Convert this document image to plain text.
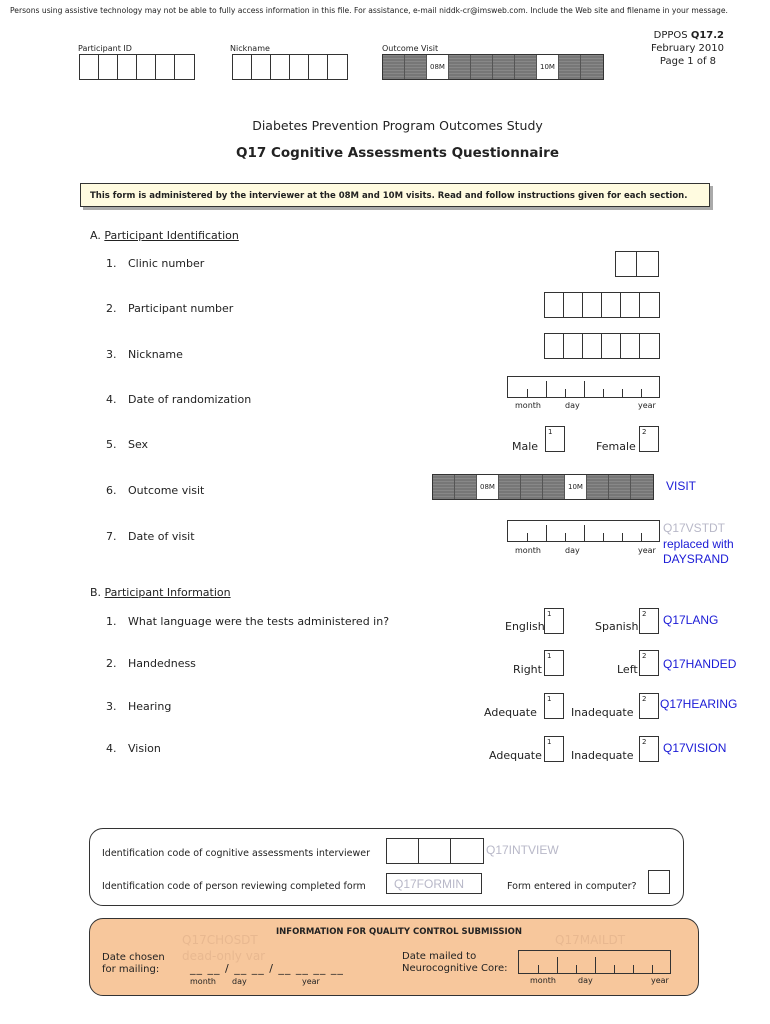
Persons using assistive technology may not be able to fully access information in this file. For assistance, e-mail niddk-cr@imsweb.com. Include the Web site and filename in your message.
DPPOS Q17.2
February 2010
Page 1 of 8
Participant ID	Nickname	Outcome Visit
08M	10M
Diabetes Prevention Program Outcomes Study
Q17 Cognitive Assessments Questionnaire
This form is administered by the interviewer at the 08M and 10M visits. Read and follow instructions given for each section.
A. Participant Identification
1. Clinic number
2. Participant number
3. Nickname
4. Date of randomization	month	day	year
5. Sex	Male
1
Female
2
6. Outcome visit	08M	10M	VISIT
7. Date of visit
month	day	year
Q17VSTDT
replaced with
DAYSRAND
B. Participant Information
1. What language were the tests administered in?	English
1
Spanish
2 Q17LANG
2. Handedness	Right
1
Left
2
Q17HANDED
3. Hearing	Adequate
1
Inadequate
2 Q17HEARING
4. Vision
Adequate
1
Inadequate
2 Q17VISION
Identification code of cognitive assessments interviewer	Q17INTVIEW
Identification code of person reviewing completed form Q17FORMIN	Form entered in computer?
INFORMATION FOR QUALITY CONTROL SUBMISSION
Q17CHOSDT
dead-only var
Date chosen
for mailing:	__ __ / __ __ / __ __ __ __
month day	year
Q17MAILDT
Date mailed to
Neurocognitive Core:
month	day	year
